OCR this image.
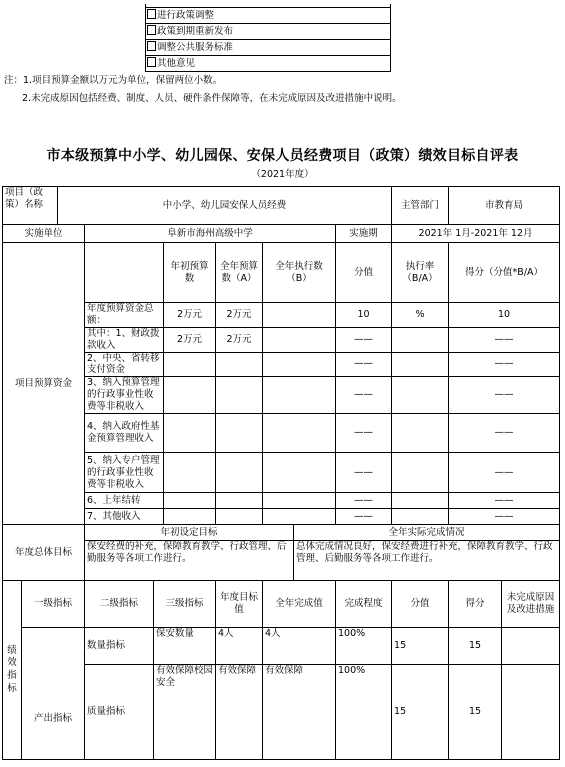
进行政策调整
政策到期重新发布
调整公共服务标准
其他意见
注：1.项目预算金额以万元为单位，保留两位小数。
2.未完成原因包括经费、制度、人员、硬件条件保障等，在未完成原因及改进措施中说明。
市本级预算中小学、幼儿园保、安保人员经费项目（政策）绩效目标自评表
（2021年度）
项目（政策）名称		中小学、幼儿园安保人员经费								主管部门	市教育局	
实施单位			阜新市海州高级中学						实施期	2021年 1月-2021年 12月		
项目预算资金					年初预算数	全年预算数（A）	全年执行数（B）		分值	执行率（B/A）	得分（分值*B/A）	
			年度预算资金总额：		2万元	2万元			10	%	10	
			其中：1、财政拨款收入		2万元	2万元			——		——	
			2、中央、省转移支付资金						——		——	
			3、纳入预算管理的行政事业性收费等非税收入						——		——	
			4、纳入政府性基金预算管理收入						——		——	
			5、纳入专户管理的行政事业性收费等非税收入						——		——	
			6、上年结转						——		——	
			7、其他收入						——		——	
年度总体目标			年初设定目标					全年实际完成情况				
			保安经费的补充，保障教育教学、行政管理、后勤服务等各项工作进行。					总体完成情况良好，保安经费进行补充，保障教育教学、行政管理、后勤服务等各项工作进行。				
绩效指标	一级指标		二级指标	三级指标		年度目标值	全年完成值		完成程度	分值	得分	未完成原因及改进措施
	产出指标		数量指标	保安数量		4人	4人		100%	15	15	
			质量指标	有效保障校园安全		有效保障	有效保障		100%	15	15	
